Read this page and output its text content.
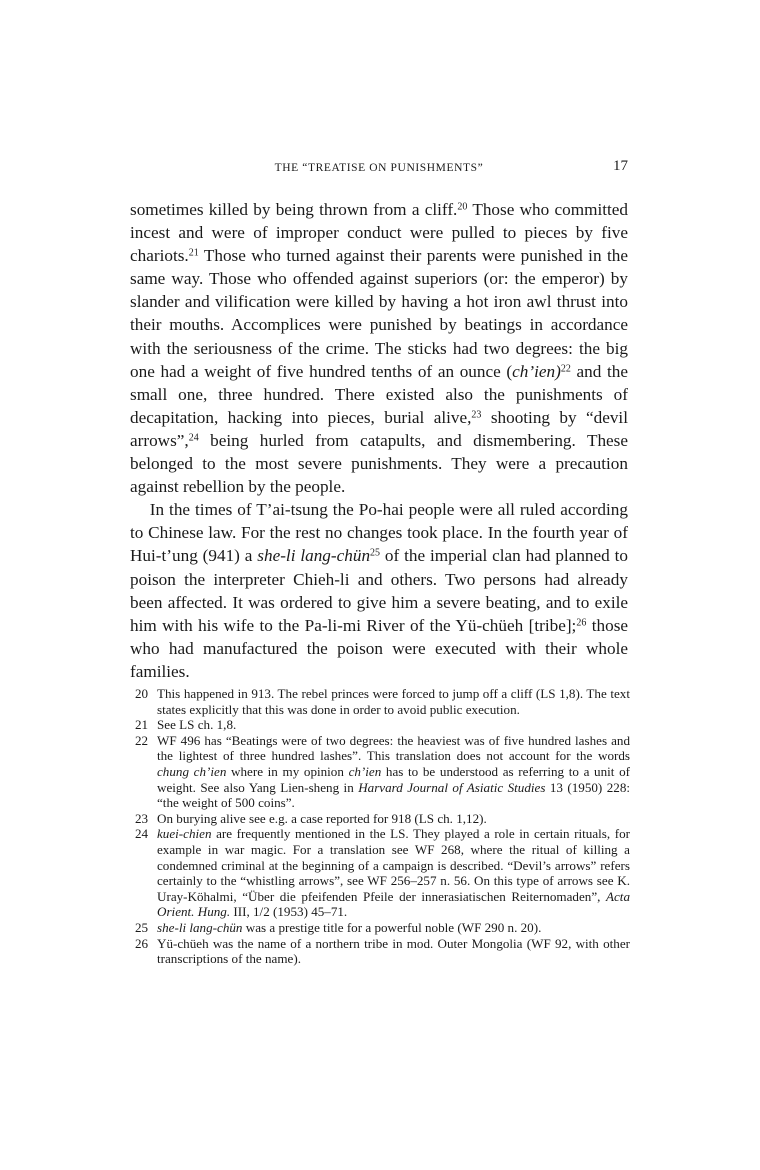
THE “TREATISE ON PUNISHMENTS”	17

sometimes killed by being thrown from a cliff.$^{20}$ Those who committed incest and were of improper conduct were pulled to pieces by five chariots.$^{21}$ Those who turned against their parents were punished in the same way. Those who offended against superiors (or: the emperor) by slander and vilification were killed by having a hot iron awl thrust into their mouths. Accomplices were punished by beatings in accordance with the seriousness of the crime. The sticks had two degrees: the big one had a weight of five hundred tenths of an ounce (ch’ien)$^{22}$ and the small one, three hundred. There existed also the punishments of decapitation, hacking into pieces, burial alive,$^{23}$ shooting by “devil arrows”,$^{24}$ being hurled from catapults, and dismembering. These belonged to the most severe punishments. They were a precaution against rebellion by the people.

In the times of T’ai-tsung the Po-hai people were all ruled according to Chinese law. For the rest no changes took place. In the fourth year of Hui-t’ung (941) a she-li lang-chün$^{25}$ of the imperial clan had planned to poison the interpreter Chieh-li and others. Two persons had already been affected. It was ordered to give him a severe beating, and to exile him with his wife to the Pa-li-mi River of the Yü-chüeh [tribe];$^{26}$ those who had manufactured the poison were executed with their whole families.

20 This happened in 913. The rebel princes were forced to jump off a cliff (LS 1,8). The text states explicitly that this was done in order to avoid public execution.
21 See LS ch. 1,8.
22 WF 496 has “Beatings were of two degrees: the heaviest was of five hundred lashes and the lightest of three hundred lashes”. This translation does not account for the words chung ch’ien where in my opinion ch’ien has to be understood as referring to a unit of weight. See also Yang Lien-sheng in Harvard Journal of Asiatic Studies 13 (1950) 228: “the weight of 500 coins”.
23 On burying alive see e.g. a case reported for 918 (LS ch. 1,12).
24 kuei-chien are frequently mentioned in the LS. They played a role in certain rituals, for example in war magic. For a translation see WF 268, where the ritual of killing a condemned criminal at the beginning of a campaign is described. “Devil’s arrows” refers certainly to the “whistling arrows”, see WF 256–257 n. 56. On this type of arrows see K. Uray-Köhalmi, “Über die pfeifenden Pfeile der innerasiatischen Reiternomaden”, Acta Orient. Hung. III, 1/2 (1953) 45–71.
25 she-li lang-chün was a prestige title for a powerful noble (WF 290 n. 20).
26 Yü-chüeh was the name of a northern tribe in mod. Outer Mongolia (WF 92, with other transcriptions of the name).
